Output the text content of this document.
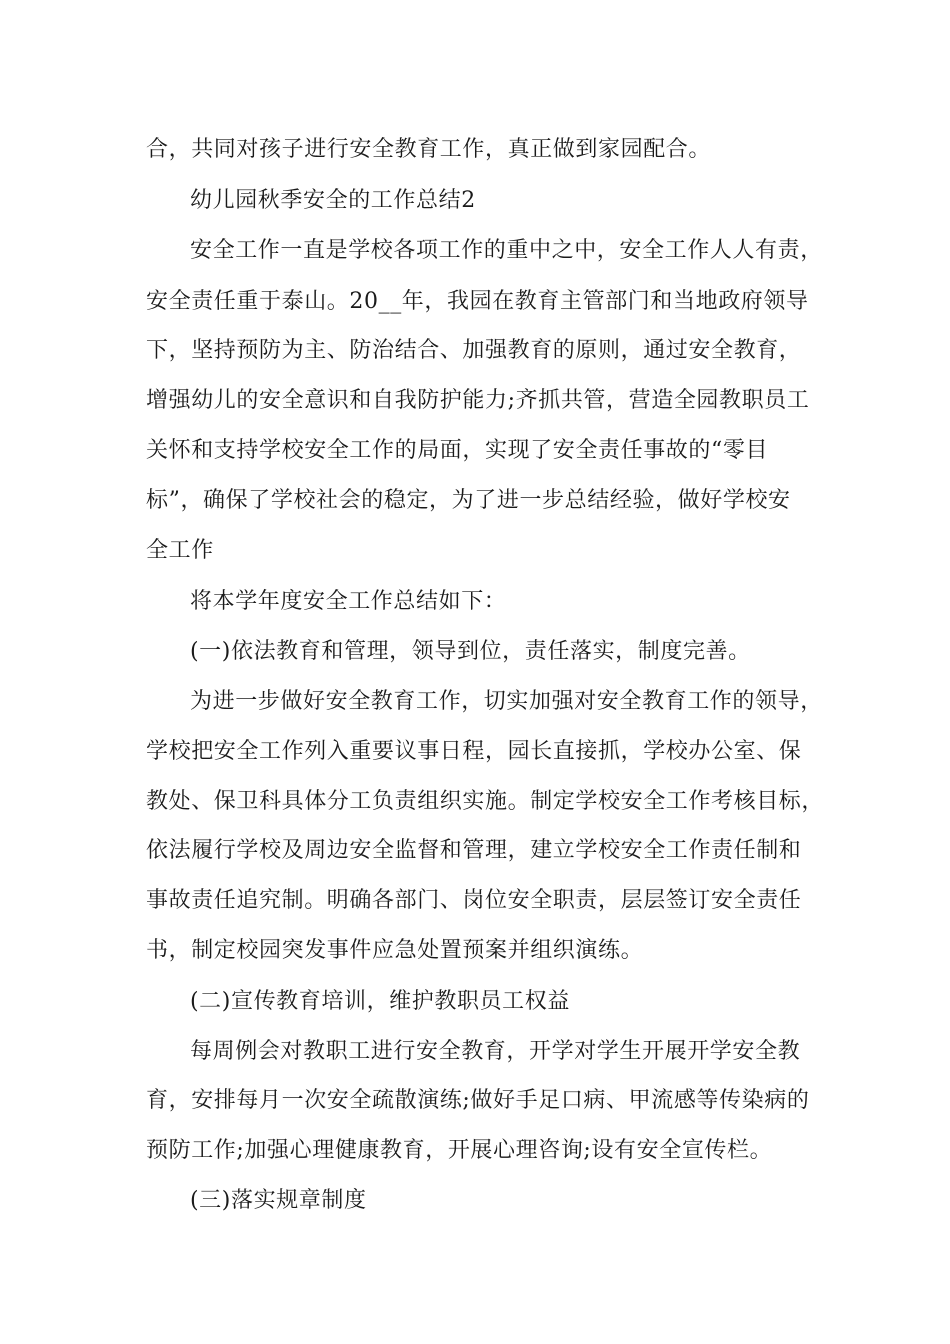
合，共同对孩子进行安全教育工作，真正做到家园配合。
幼儿园秋季安全的工作总结2
安全工作一直是学校各项工作的重中之中，安全工作人人有责，
安全责任重于泰山。20__年，我园在教育主管部门和当地政府领导
下，坚持预防为主、防治结合、加强教育的原则，通过安全教育，
增强幼儿的安全意识和自我防护能力;齐抓共管，营造全园教职员工
关怀和支持学校安全工作的局面，实现了安全责任事故的“零目
标”，确保了学校社会的稳定，为了进一步总结经验，做好学校安
全工作
将本学年度安全工作总结如下：
(一)依法教育和管理，领导到位，责任落实，制度完善。
为进一步做好安全教育工作，切实加强对安全教育工作的领导，
学校把安全工作列入重要议事日程，园长直接抓，学校办公室、保
教处、保卫科具体分工负责组织实施。制定学校安全工作考核目标，
依法履行学校及周边安全监督和管理，建立学校安全工作责任制和
事故责任追究制。明确各部门、岗位安全职责，层层签订安全责任
书，制定校园突发事件应急处置预案并组织演练。
(二)宣传教育培训，维护教职员工权益
每周例会对教职工进行安全教育，开学对学生开展开学安全教
育，安排每月一次安全疏散演练;做好手足口病、甲流感等传染病的
预防工作;加强心理健康教育，开展心理咨询;设有安全宣传栏。
(三)落实规章制度
